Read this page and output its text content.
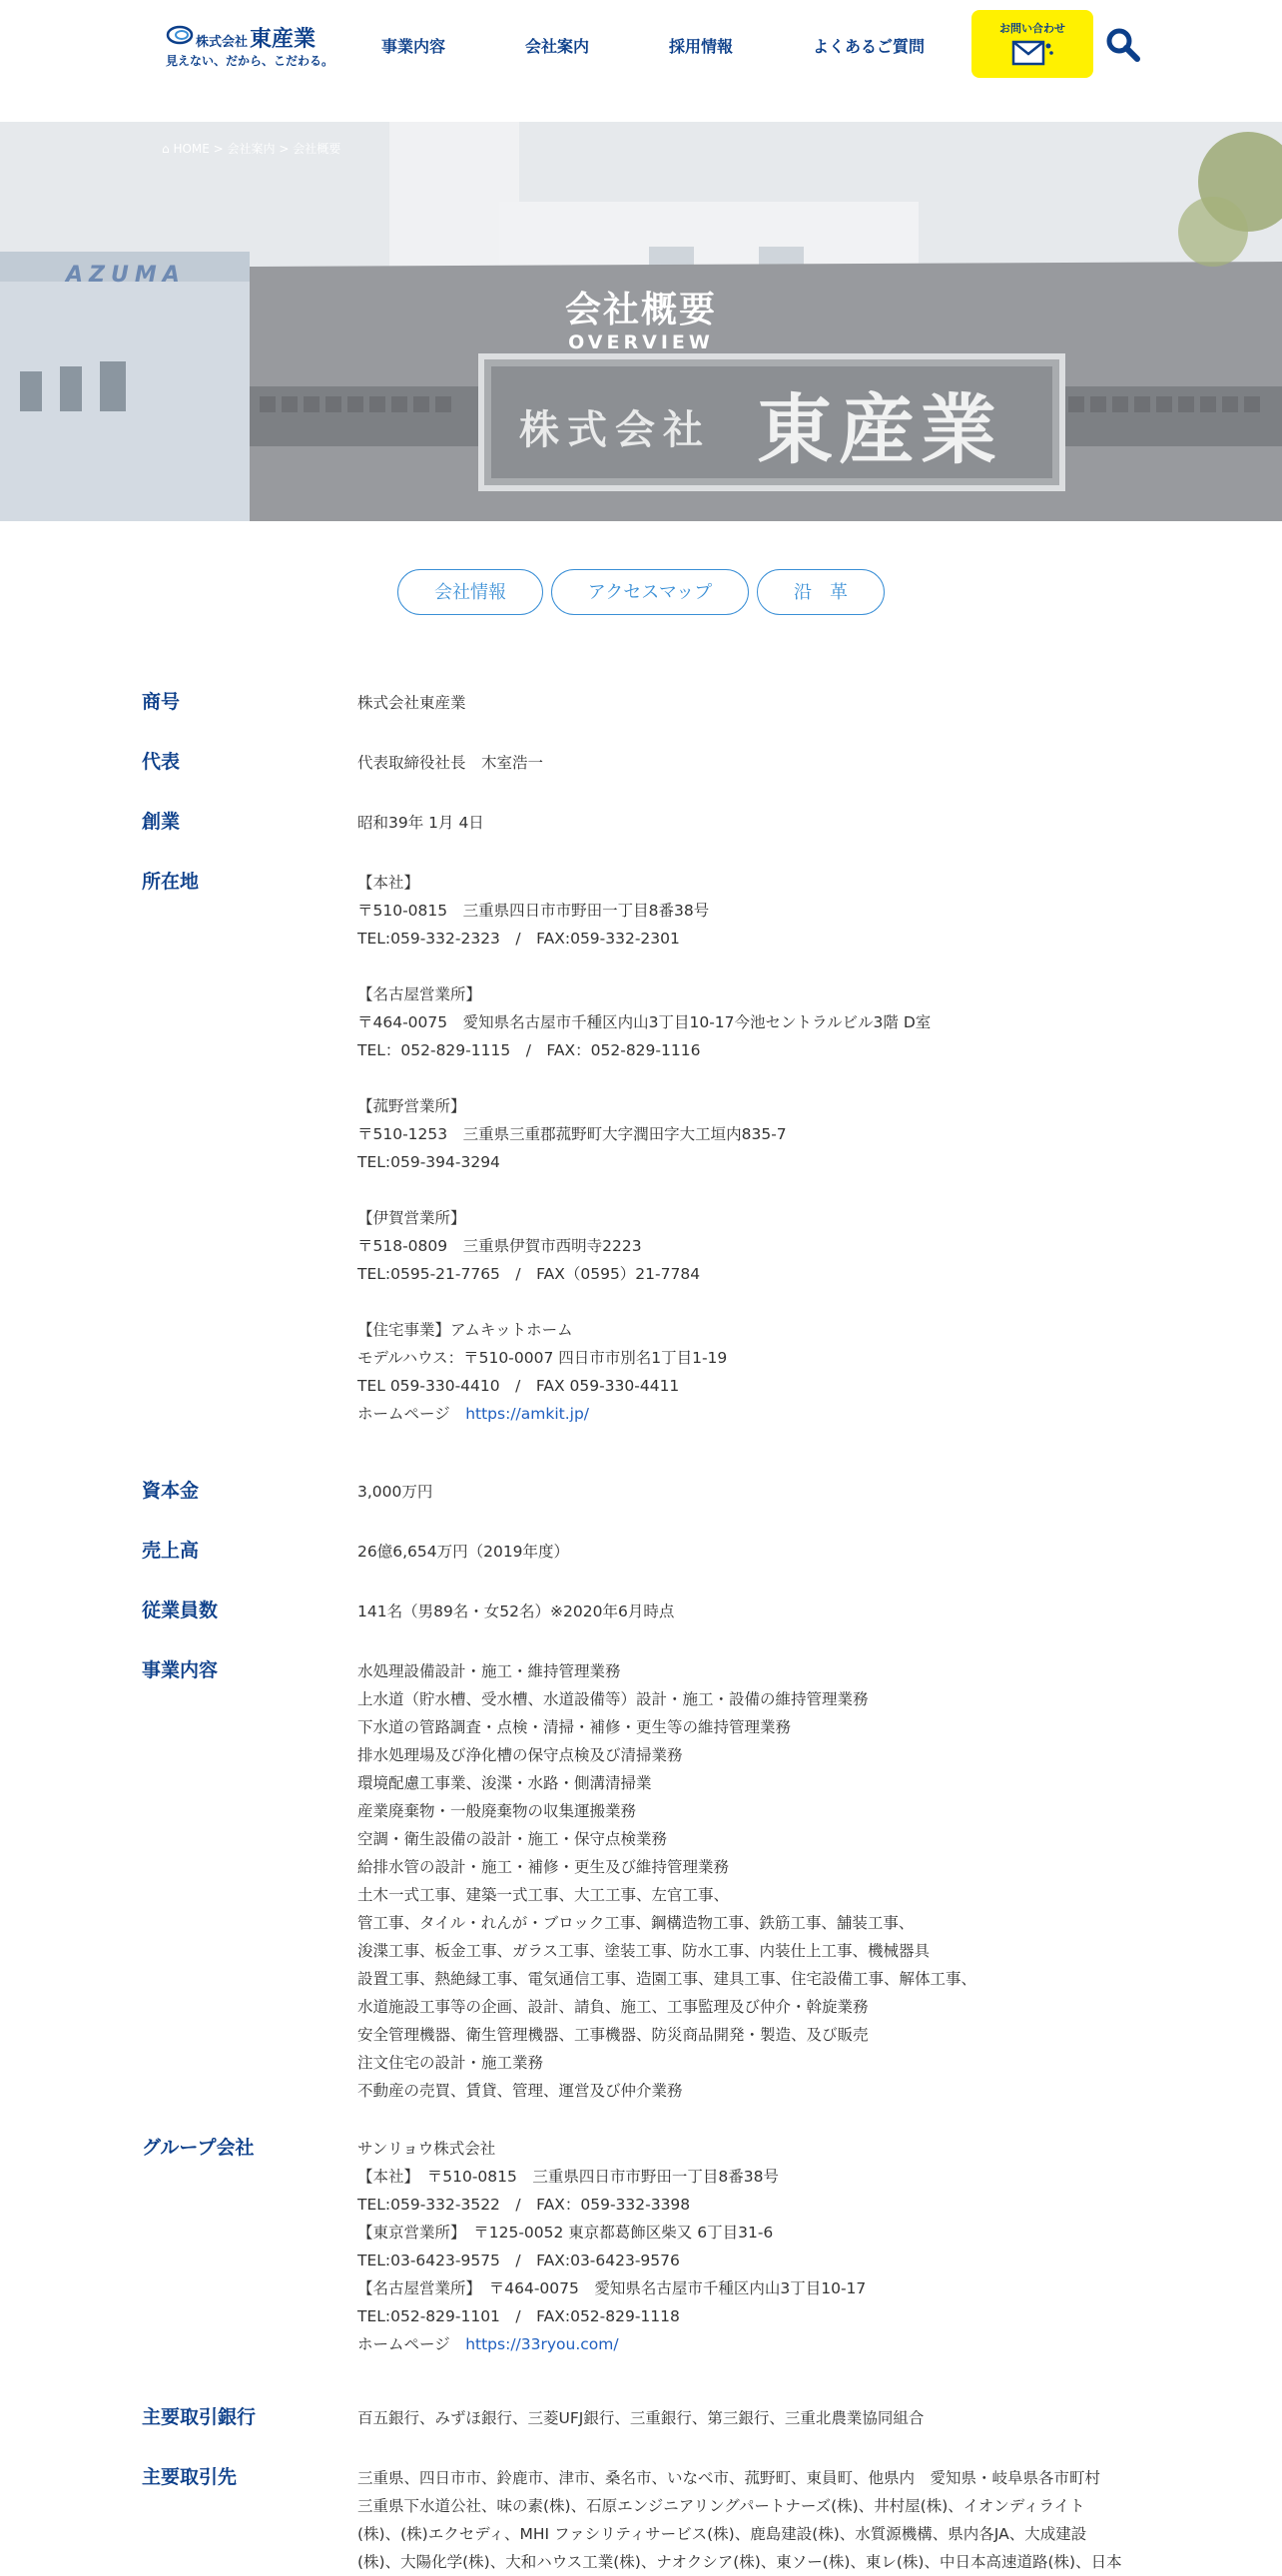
株式会社東産業
見えない、だから、こだわる。
事業内容	会社案内	採用情報	よくあるご質問
お問い合わせ
AZUMA
株式会社 東産業
⌂ HOME > 会社案内 > 会社概要
会社概要
OVERVIEW
会社情報	アクセスマップ	沿　革
商号	株式会社東産業

代表	代表取締役社長　木室浩一

創業	昭和39年 1月 4日

所在地	【本社】

〒510-0815　三重県四日市市野田一丁目8番38号

TEL:059-332-2323　/　FAX:059-332-2301

【名古屋営業所】

〒464-0075　愛知県名古屋市千種区内山3丁目10-17今池セントラルビル3階 D室

TEL：052-829-1115　/　FAX：052-829-1116

【菰野営業所】

〒510-1253　三重県三重郡菰野町大字潤田字大工垣内835-7

TEL:059-394-3294

【伊賀営業所】

〒518-0809　三重県伊賀市西明寺2223

TEL:0595-21-7765　/　FAX（0595）21-7784

【住宅事業】アムキットホーム

モデルハウス：〒510-0007 四日市市別名1丁目1-19

TEL 059-330-4410　/　FAX 059-330-4411

ホームページ　https://amkit.jp/

資本金	3,000万円

売上高	26億6,654万円（2019年度）

従業員数	141名（男89名・女52名）※2020年6月時点

事業内容	水処理設備設計・施工・維持管理業務

上水道（貯水槽、受水槽、水道設備等）設計・施工・設備の維持管理業務

下水道の管路調査・点検・清掃・補修・更生等の維持管理業務

排水処理場及び浄化槽の保守点検及び清掃業務

環境配慮工事業、浚渫・水路・側溝清掃業

産業廃棄物・一般廃棄物の収集運搬業務

空調・衛生設備の設計・施工・保守点検業務

給排水管の設計・施工・補修・更生及び維持管理業務

土木一式工事、建築一式工事、大工工事、左官工事、

管工事、タイル・れんが・ブロック工事、鋼構造物工事、鉄筋工事、舗装工事、

浚渫工事、板金工事、ガラス工事、塗装工事、防水工事、内装仕上工事、機械器具

設置工事、熱絶縁工事、電気通信工事、造園工事、建具工事、住宅設備工事、解体工事、

水道施設工事等の企画、設計、請負、施工、工事監理及び仲介・斡旋業務

安全管理機器、衛生管理機器、工事機器、防災商品開発・製造、及び販売

注文住宅の設計・施工業務

不動産の売買、賃貸、管理、運営及び仲介業務

グループ会社	サンリョウ株式会社

【本社】　〒510-0815　三重県四日市市野田一丁目8番38号

TEL:059-332-3522　/　FAX：059-332-3398

【東京営業所】　〒125-0052 東京都葛飾区柴又 6丁目31-6

TEL:03-6423-9575　/　FAX:03-6423-9576

【名古屋営業所】　〒464-0075　愛知県名古屋市千種区内山3丁目10-17

TEL:052-829-1101　/　FAX:052-829-1118

ホームページ　https://33ryou.com/

主要取引銀行	百五銀行、みずほ銀行、三菱UFJ銀行、三重銀行、第三銀行、三重北農業協同組合

主要取引先	三重県、四日市市、鈴鹿市、津市、桑名市、いなべ市、菰野町、東員町、他県内　愛知県・岐阜県各市町村

三重県下水道公社、味の素(株)、石原エンジニアリングパートナーズ(株)、井村屋(株)、イオンディライト

(株)、(株)エクセディ、MHI ファシリティサービス(株)、鹿島建設(株)、水質源機構、県内各JA、大成建設

(株)、大陽化学(株)、大和ハウス工業(株)、ナオクシア(株)、東ソー(株)、東レ(株)、中日本高速道路(株)、日本
